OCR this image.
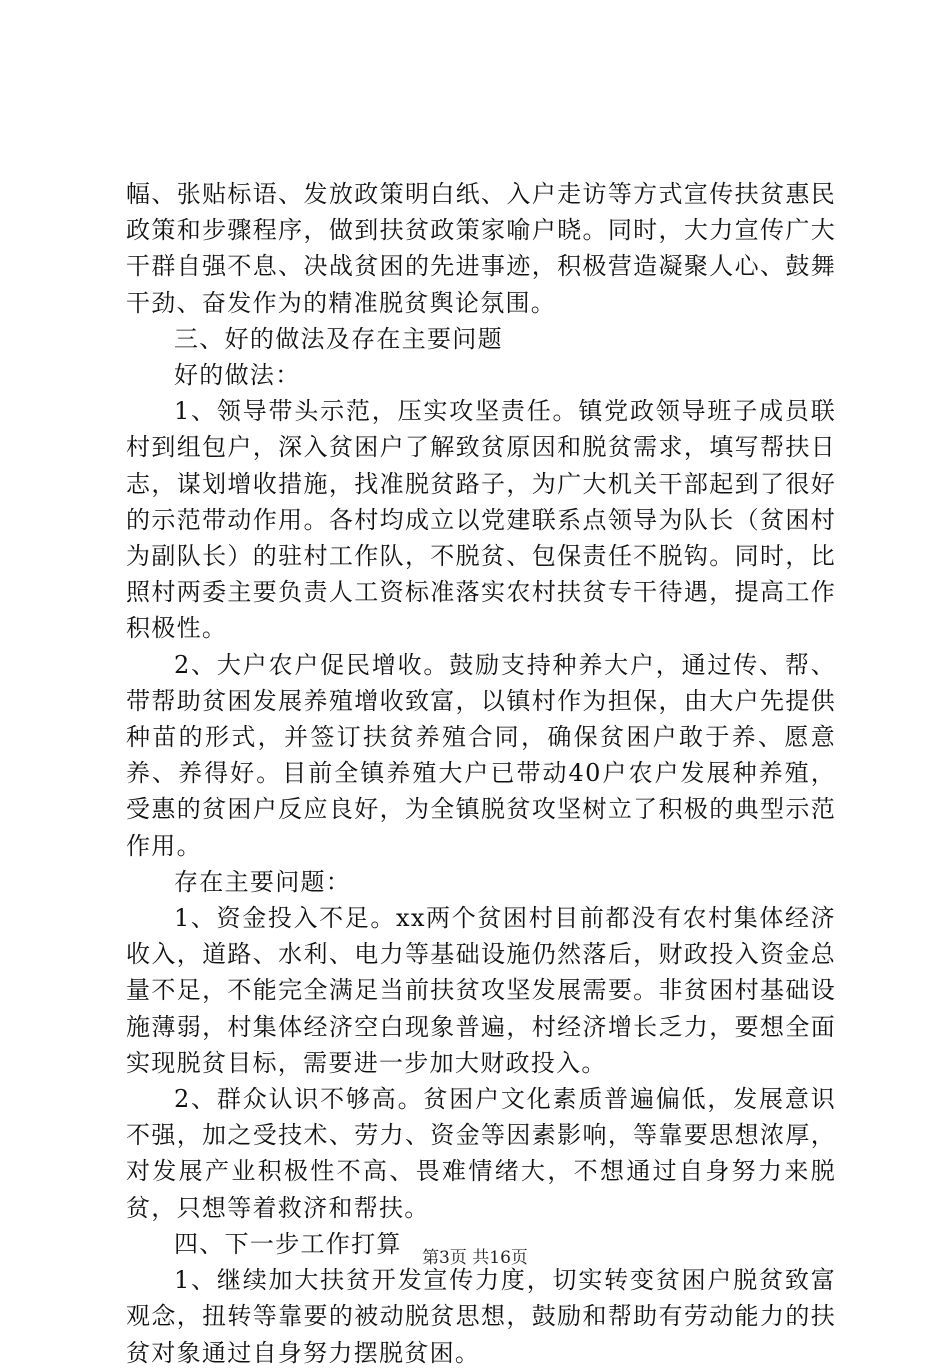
幅、张贴标语、发放政策明白纸、入户走访等方式宣传扶贫惠民政策和步骤程序，做到扶贫政策家喻户晓。同时，大力宣传广大干群自强不息、决战贫困的先进事迹，积极营造凝聚人心、鼓舞干劲、奋发作为的精准脱贫舆论氛围。

三、好的做法及存在主要问题

好的做法：

1、领导带头示范，压实攻坚责任。镇党政领导班子成员联村到组包户，深入贫困户了解致贫原因和脱贫需求，填写帮扶日志，谋划增收措施，找准脱贫路子，为广大机关干部起到了很好的示范带动作用。各村均成立以党建联系点领导为队长（贫困村为副队长）的驻村工作队，不脱贫、包保责任不脱钩。同时，比照村两委主要负责人工资标准落实农村扶贫专干待遇，提高工作积极性。

2、大户农户促民增收。鼓励支持种养大户，通过传、帮、带帮助贫困发展养殖增收致富，以镇村作为担保，由大户先提供种苗的形式，并签订扶贫养殖合同，确保贫困户敢于养、愿意养、养得好。目前全镇养殖大户已带动40户农户发展种养殖，受惠的贫困户反应良好，为全镇脱贫攻坚树立了积极的典型示范作用。

存在主要问题：

1、资金投入不足。xx两个贫困村目前都没有农村集体经济收入，道路、水利、电力等基础设施仍然落后，财政投入资金总量不足，不能完全满足当前扶贫攻坚发展需要。非贫困村基础设施薄弱，村集体经济空白现象普遍，村经济增长乏力，要想全面实现脱贫目标，需要进一步加大财政投入。

2、群众认识不够高。贫困户文化素质普遍偏低，发展意识不强，加之受技术、劳力、资金等因素影响，等靠要思想浓厚，对发展产业积极性不高、畏难情绪大，不想通过自身努力来脱贫，只想等着救济和帮扶。

四、下一步工作打算

1、继续加大扶贫开发宣传力度，切实转变贫困户脱贫致富观念，扭转等靠要的被动脱贫思想，鼓励和帮助有劳动能力的扶贫对象通过自身努力摆脱贫困。

第3页 共16页
